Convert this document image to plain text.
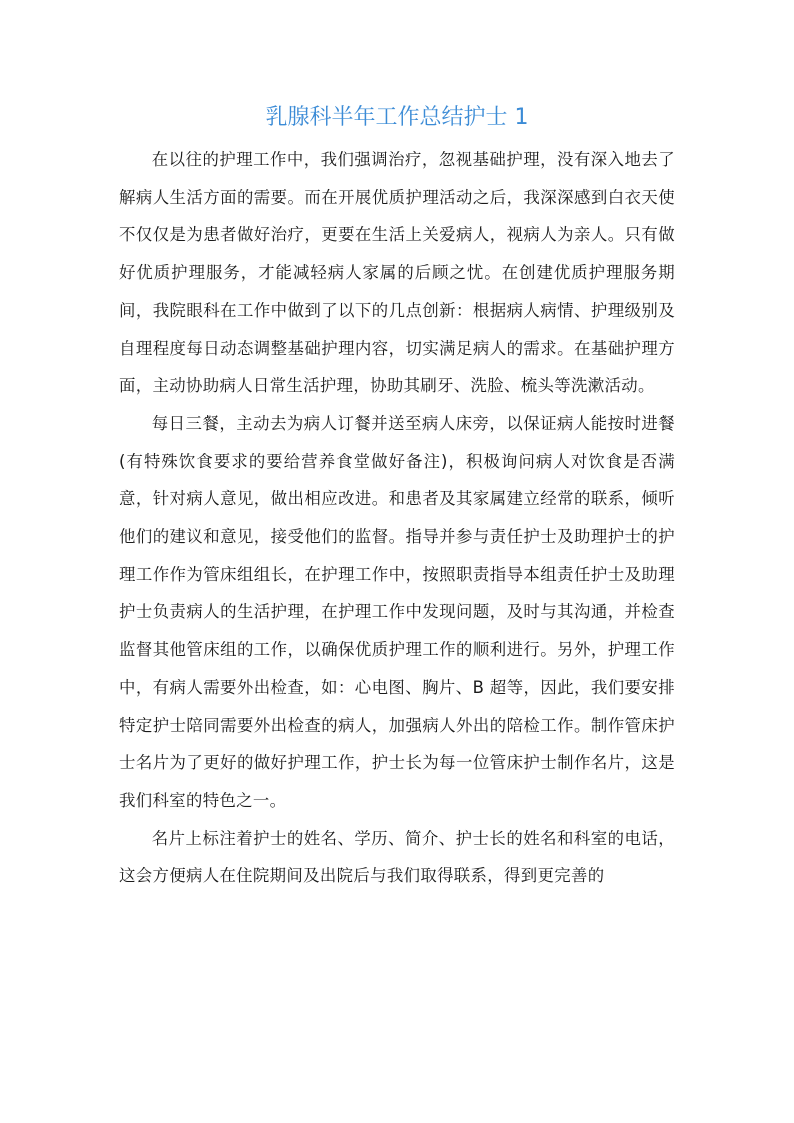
乳腺科半年工作总结护士 1

在以往的护理工作中，我们强调治疗，忽视基础护理，没有深入地去了解病人生活方面的需要。而在开展优质护理活动之后，我深深感到白衣天使不仅仅是为患者做好治疗，更要在生活上关爱病人，视病人为亲人。只有做好优质护理服务，才能减轻病人家属的后顾之忧。在创建优质护理服务期间，我院眼科在工作中做到了以下的几点创新：根据病人病情、护理级别及自理程度每日动态调整基础护理内容，切实满足病人的需求。在基础护理方面，主动协助病人日常生活护理，协助其刷牙、洗脸、梳头等洗漱活动。

每日三餐，主动去为病人订餐并送至病人床旁，以保证病人能按时进餐(有特殊饮食要求的要给营养食堂做好备注)，积极询问病人对饮食是否满意，针对病人意见，做出相应改进。和患者及其家属建立经常的联系，倾听他们的建议和意见，接受他们的监督。指导并参与责任护士及助理护士的护理工作作为管床组组长，在护理工作中，按照职责指导本组责任护士及助理护士负责病人的生活护理，在护理工作中发现问题，及时与其沟通，并检查监督其他管床组的工作，以确保优质护理工作的顺利进行。另外，护理工作中，有病人需要外出检查，如：心电图、胸片、B 超等，因此，我们要安排特定护士陪同需要外出检查的病人，加强病人外出的陪检工作。制作管床护士名片为了更好的做好护理工作，护士长为每一位管床护士制作名片，这是我们科室的特色之一。

名片上标注着护士的姓名、学历、简介、护士长的姓名和科室的电话，这会方便病人在住院期间及出院后与我们取得联系，得到更完善的
